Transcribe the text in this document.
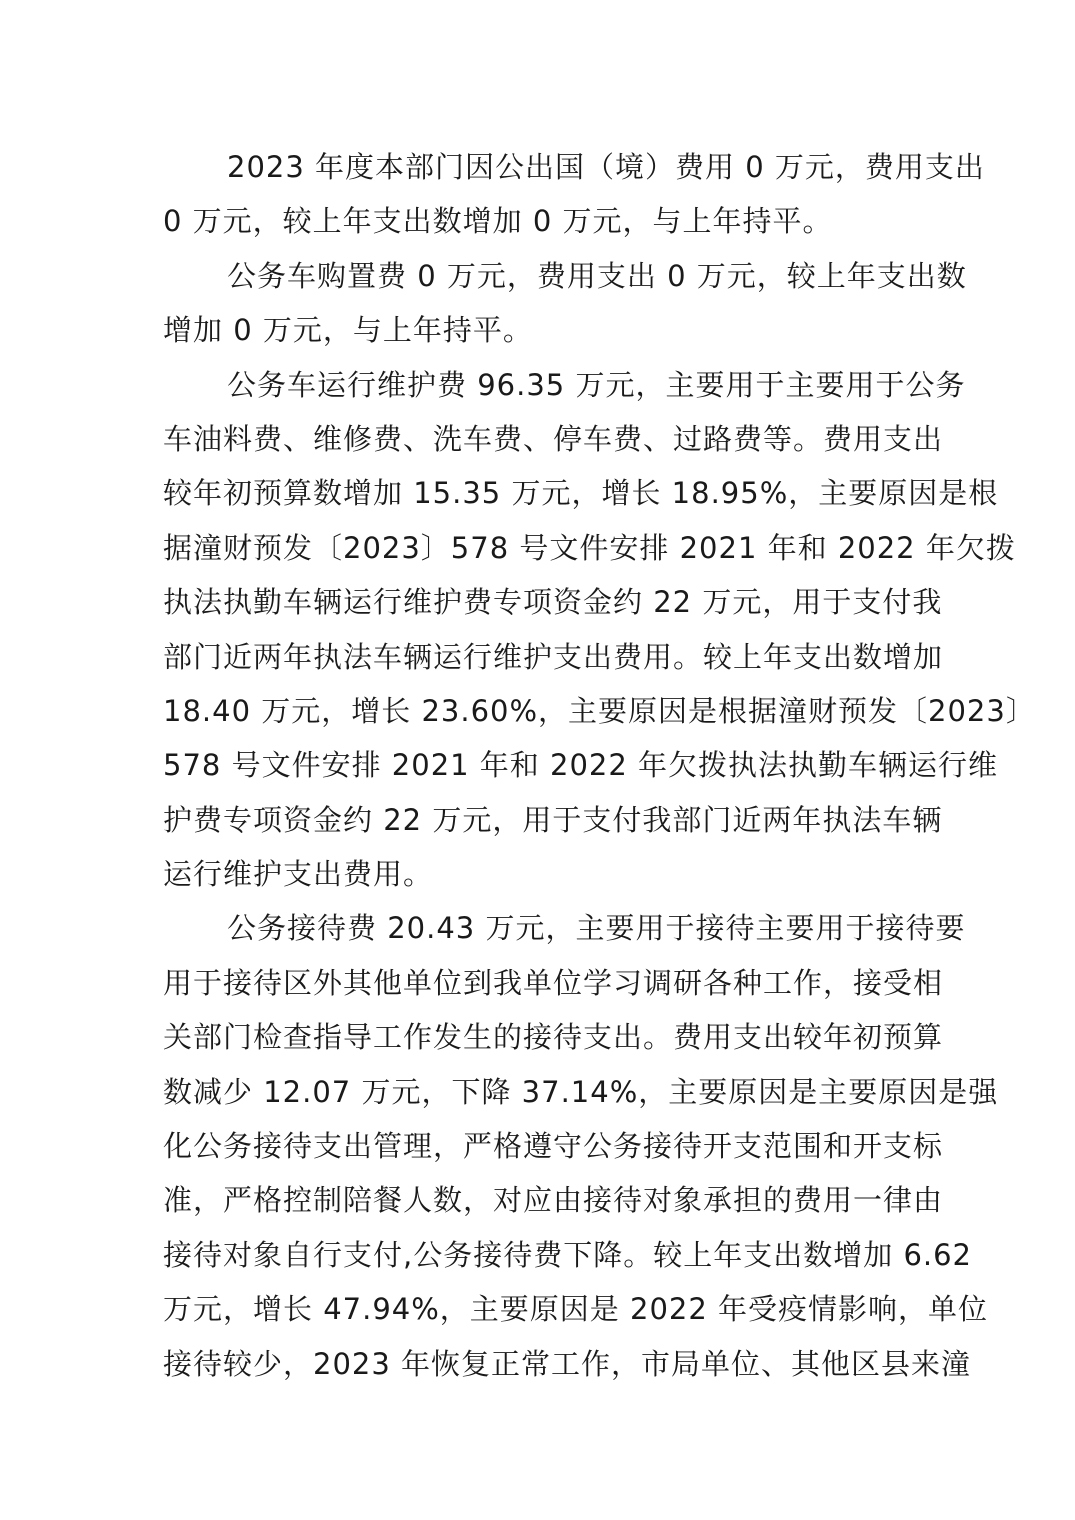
2023 年度本部门因公出国（境）费用 0 万元，费用支出
0 万元，较上年支出数增加 0 万元，与上年持平。
公务车购置费 0 万元，费用支出 0 万元，较上年支出数
增加 0 万元，与上年持平。
公务车运行维护费 96.35 万元，主要用于主要用于公务
车油料费、维修费、洗车费、停车费、过路费等。费用支出
较年初预算数增加 15.35 万元，增长 18.95%，主要原因是根
据潼财预发〔2023〕578 号文件安排 2021 年和 2022 年欠拨
执法执勤车辆运行维护费专项资金约 22 万元，用于支付我
部门近两年执法车辆运行维护支出费用。较上年支出数增加
18.40 万元，增长 23.60%，主要原因是根据潼财预发〔2023〕
578 号文件安排 2021 年和 2022 年欠拨执法执勤车辆运行维
护费专项资金约 22 万元，用于支付我部门近两年执法车辆
运行维护支出费用。
公务接待费 20.43 万元，主要用于接待主要用于接待要
用于接待区外其他单位到我单位学习调研各种工作，接受相
关部门检查指导工作发生的接待支出。费用支出较年初预算
数减少 12.07 万元，下降 37.14%，主要原因是主要原因是强
化公务接待支出管理，严格遵守公务接待开支范围和开支标
准，严格控制陪餐人数，对应由接待对象承担的费用一律由
接待对象自行支付,公务接待费下降。较上年支出数增加 6.62
万元，增长 47.94%，主要原因是 2022 年受疫情影响，单位
接待较少，2023 年恢复正常工作，市局单位、其他区县来潼
